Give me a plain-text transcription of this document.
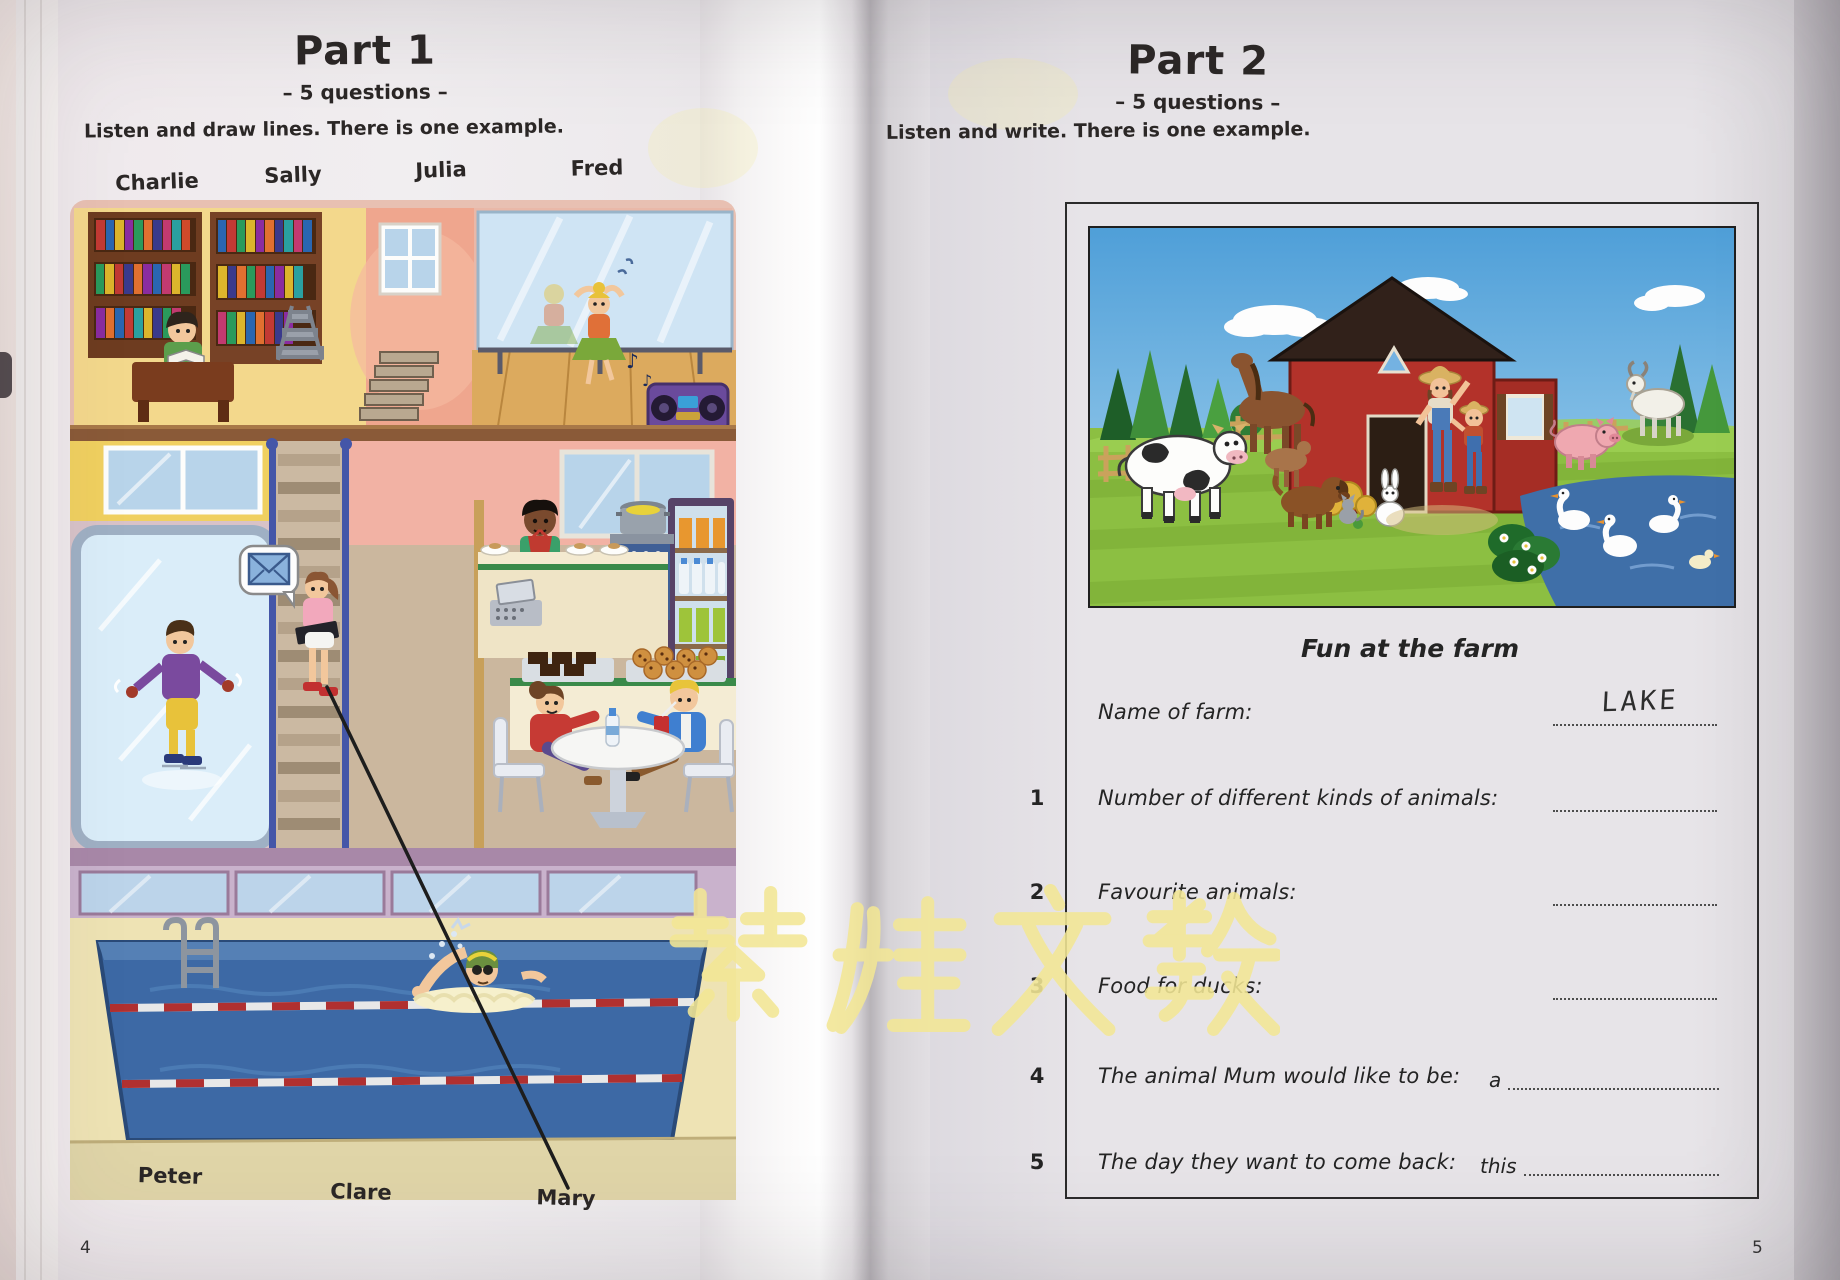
Part 1
– 5 questions –
Listen and draw lines. There is one example.
Charlie	Sally	Julia	Fred
♪
♪
Peter
Clare	Mary
4
Part 2
– 5 questions –
Listen and write. There is one example.
Fun at the farm
Name of farm:	LAKE
1	Number of different kinds of animals:
2	Favourite animals:
3	Food for ducks:
4	The animal Mum would like to be: a
5	The day they want to come back: this
5
